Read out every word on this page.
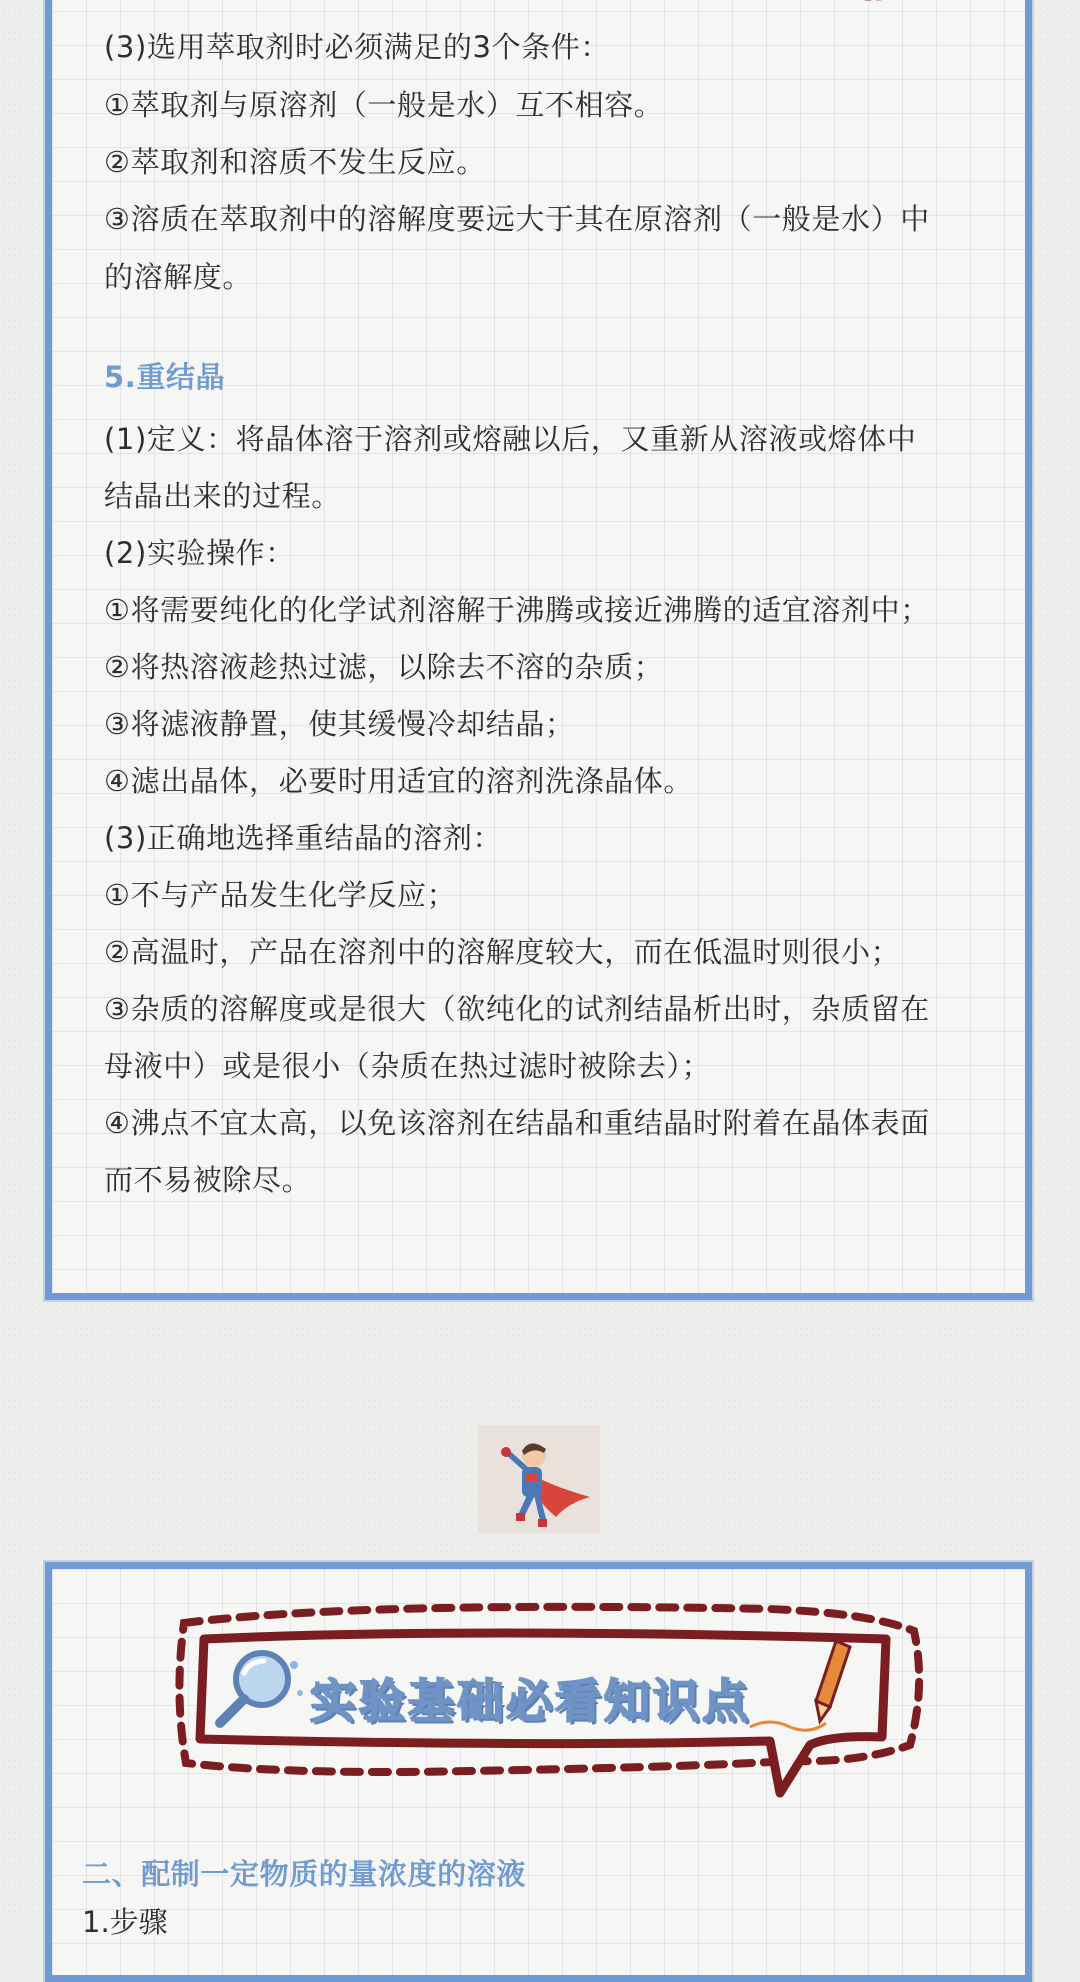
(3)选用萃取剂时必须满足的3个条件：
①萃取剂与原溶剂（一般是水）互不相容。
②萃取剂和溶质不发生反应。
③溶质在萃取剂中的溶解度要远大于其在原溶剂（一般是水）中
的溶解度。
5.重结晶
(1)定义：将晶体溶于溶剂或熔融以后，又重新从溶液或熔体中
结晶出来的过程。
(2)实验操作：
①将需要纯化的化学试剂溶解于沸腾或接近沸腾的适宜溶剂中；
②将热溶液趁热过滤，以除去不溶的杂质；
③将滤液静置，使其缓慢冷却结晶；
④滤出晶体，必要时用适宜的溶剂洗涤晶体。
(3)正确地选择重结晶的溶剂：
①不与产品发生化学反应；
②高温时，产品在溶剂中的溶解度较大，而在低温时则很小；
③杂质的溶解度或是很大（欲纯化的试剂结晶析出时，杂质留在
母液中）或是很小（杂质在热过滤时被除去）；
④沸点不宜太高，以免该溶剂在结晶和重结晶时附着在晶体表面
而不易被除尽。
实验基础必看知识点
二、配制一定物质的量浓度的溶液
1.步骤
